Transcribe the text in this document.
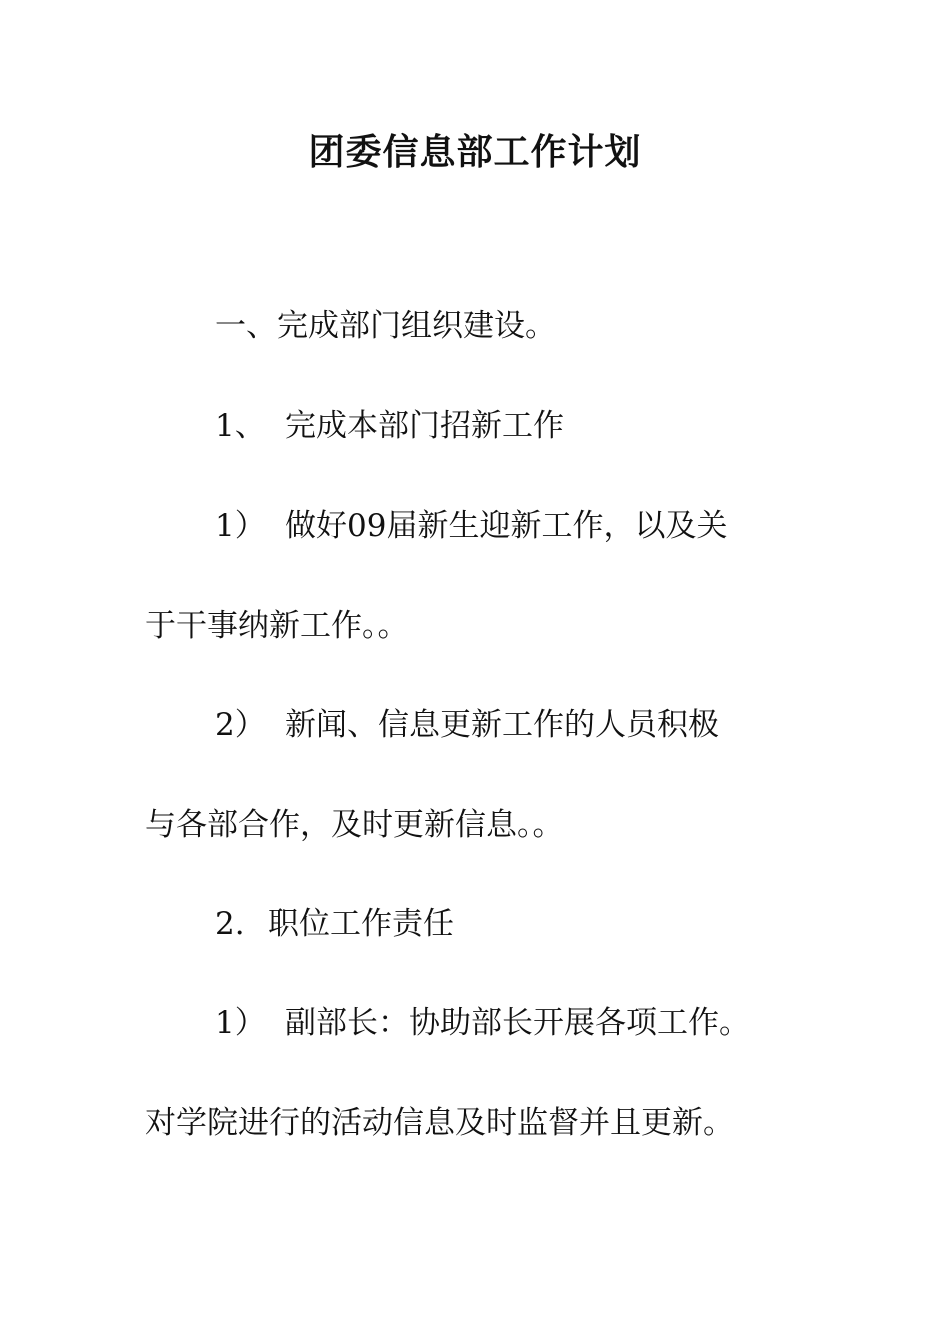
团委信息部工作计划

一、完成部门组织建设。

1、 完成本部门招新工作

1） 做好09届新生迎新工作，以及关

于干事纳新工作。。

2） 新闻、信息更新工作的人员积极

与各部合作，及时更新信息。。

2. 职位工作责任

1） 副部长：协助部长开展各项工作。

对学院进行的活动信息及时监督并且更新。
